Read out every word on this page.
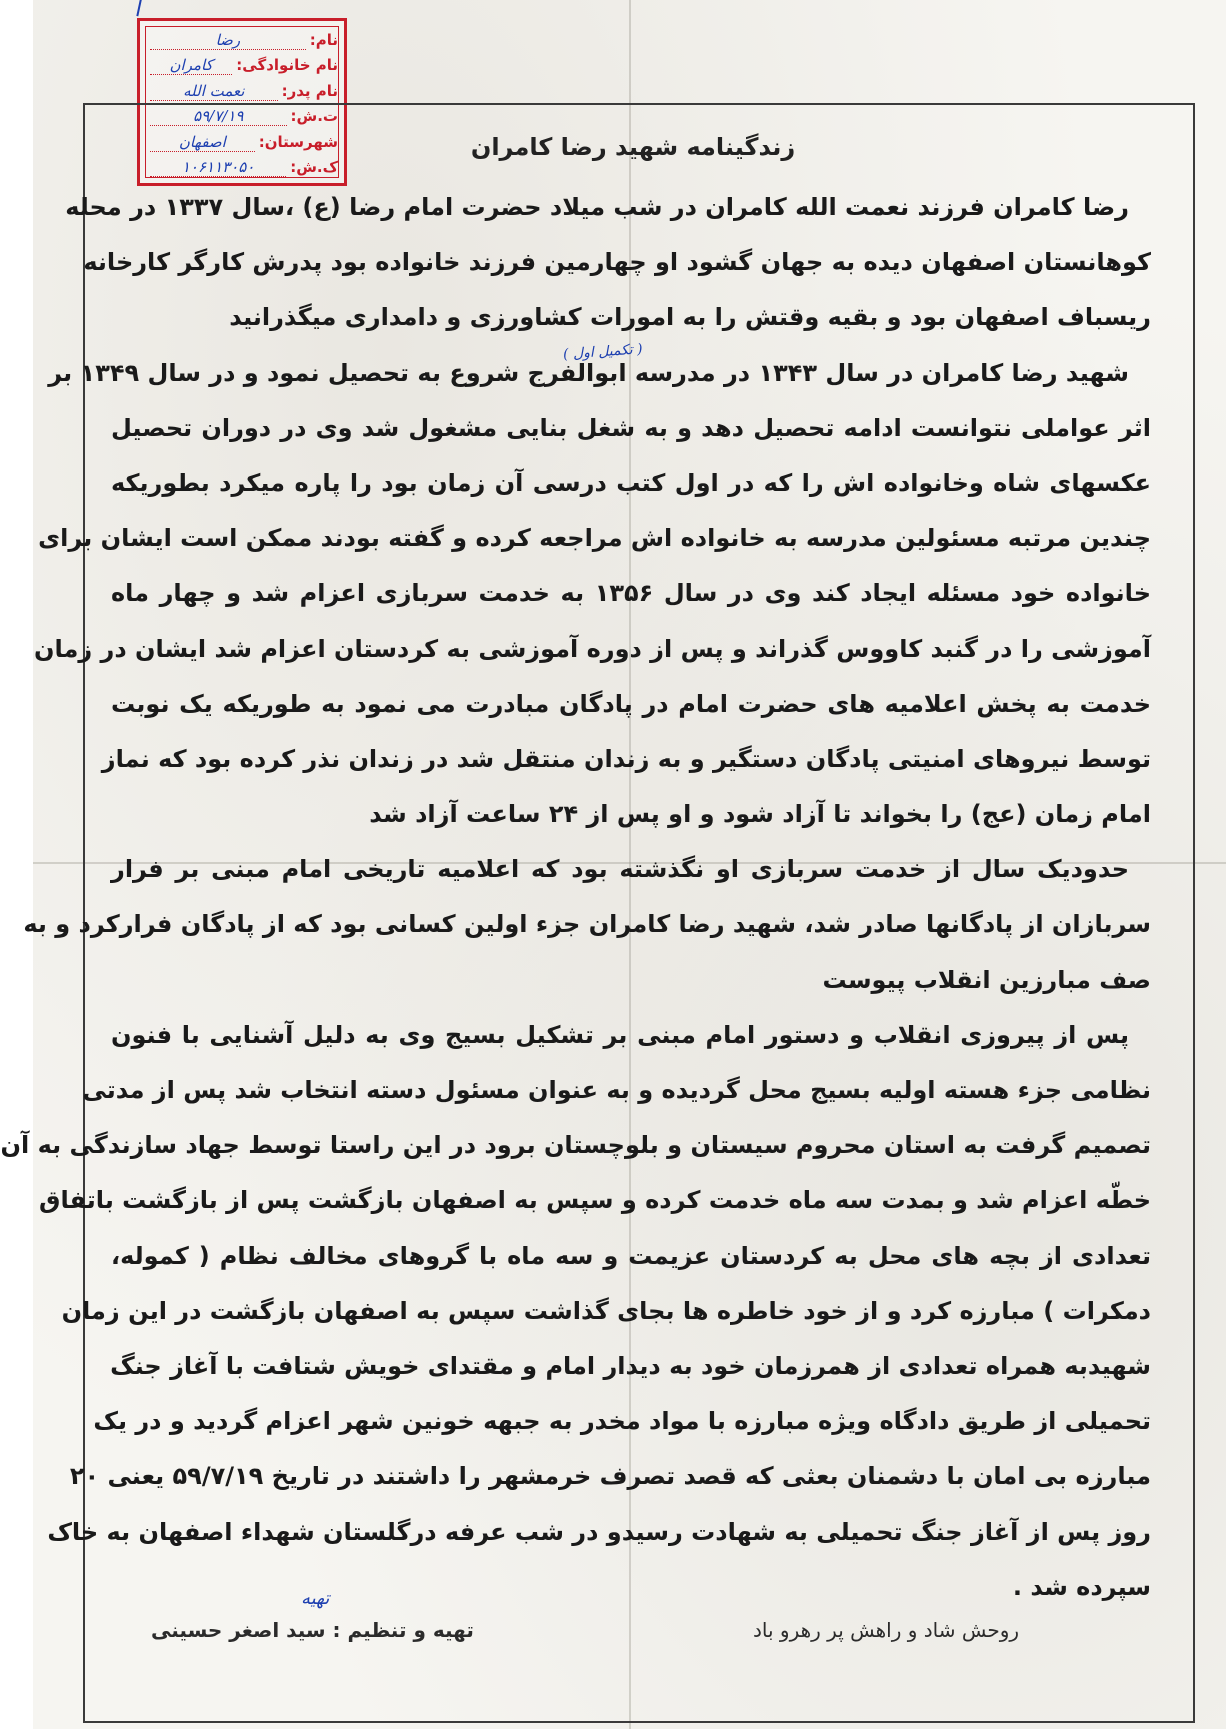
نام:
رضا
نام خانوادگی:
کامران
نام پدر:
نعمت الله
ت.ش:
۵۹/۷/۱۹
شهرستان:
اصفهان
ک.ش:
۱۰۶۱۱۳۰۵۰
زندگینامه شهید رضا کامران
( تکمیل اول )
رضا کامران فرزند نعمت الله کامران در شب میلاد حضرت امام رضا (ع) ،سال ۱۳۳۷ در محله
کوهانستان اصفهان دیده به جهان گشود او چهارمین فرزند خانواده بود پدرش کارگر کارخانه
ریسباف اصفهان بود و بقیه وقتش را به امورات کشاورزی و دامداری میگذرانید
شهید رضا کامران در سال ۱۳۴۳ در مدرسه ابوالفرج شروع به تحصیل نمود و در سال ۱۳۴۹ بر
اثر عواملی نتوانست ادامه تحصیل دهد و به شغل بنایی مشغول شد وی در دوران تحصیل
عکسهای شاه وخانواده اش را که در اول کتب درسی آن زمان بود را پاره میکرد بطوریکه
چندین مرتبه مسئولین مدرسه به خانواده اش مراجعه کرده و گفته بودند ممکن است ایشان برای
خانواده خود مسئله ایجاد کند وی در سال ۱۳۵۶ به خدمت سربازی اعزام شد و چهار ماه
آموزشی را در گنبد کاووس گذراند و پس از دوره آموزشی به کردستان اعزام شد ایشان در زمان
خدمت به پخش اعلامیه های حضرت امام در پادگان مبادرت می نمود به طوریکه یک نوبت
توسط نیروهای امنیتی پادگان دستگیر و به زندان منتقل شد در زندان نذر کرده بود که نماز
امام زمان (عج) را بخواند تا آزاد شود و او پس از ۲۴ ساعت آزاد شد
حدودیک سال از خدمت سربازی او نگذشته بود که اعلامیه تاریخی امام مبنی بر فرار
سربازان از پادگانها صادر شد، شهید رضا کامران جزء اولین کسانی بود که از پادگان فرارکرد و به
صف مبارزین انقلاب پیوست
پس از پیروزی انقلاب و دستور امام مبنی بر تشکیل بسیج وی به دلیل آشنایی با فنون
نظامی جزء هسته اولیه بسیج محل گردیده و به عنوان مسئول دسته انتخاب شد پس از مدتی
تصمیم گرفت به استان محروم سیستان و بلوچستان برود در این راستا توسط جهاد سازندگی به آن
خطّه اعزام شد و بمدت سه ماه خدمت کرده و سپس به اصفهان بازگشت پس از بازگشت باتفاق
تعدادی از بچه های محل به کردستان عزیمت و سه ماه با گروهای مخالف نظام ( کموله،
دمکرات ) مبارزه کرد و از خود خاطره ها بجای گذاشت سپس به اصفهان بازگشت در این زمان
شهیدبه همراه تعدادی از همرزمان خود به دیدار امام و مقتدای خویش شتافت با آغاز جنگ
تحمیلی از طریق دادگاه ویژه مبارزه با مواد مخدر به جبهه خونین شهر اعزام گردید و در یک
مبارزه بی امان با دشمنان بعثی که قصد تصرف خرمشهر را داشتند در تاریخ ۵۹/۷/۱۹ یعنی ۲۰
روز پس از آغاز جنگ تحمیلی به شهادت رسیدو در شب عرفه درگلستان شهداء اصفهان به خاک
سپرده شد .
تهیه
تهیه و تنظیم : سید اصغر حسینی	روحش شاد و راهش پر رهرو باد
